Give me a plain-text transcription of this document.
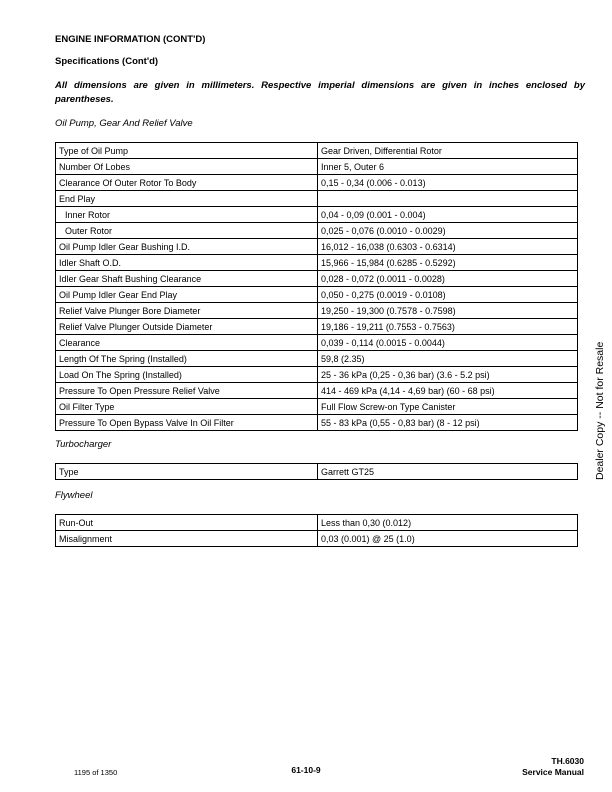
ENGINE INFORMATION (CONT'D)
Specifications (Cont'd)
All dimensions are given in millimeters. Respective imperial dimensions are given in inches enclosed by parentheses.
Oil Pump, Gear And Relief Valve
Type of Oil Pump	Gear Driven, Differential Rotor
Number Of Lobes	Inner 5, Outer 6
Clearance Of Outer Rotor To Body	0,15 - 0,34 (0.006 - 0.013)
End Play	
Inner Rotor	0,04 - 0,09 (0.001 - 0.004)
Outer Rotor	0,025 - 0,076 (0.0010 - 0.0029)
Oil Pump Idler Gear Bushing I.D.	16,012 - 16,038 (0.6303 - 0.6314)
Idler Shaft O.D.	15,966 - 15,984 (0.6285 - 0.5292)
Idler Gear Shaft Bushing Clearance	0,028 - 0,072 (0.0011 - 0.0028)
Oil Pump Idler Gear End Play	0,050 - 0,275 (0.0019 - 0.0108)
Relief Valve Plunger Bore Diameter	19,250 - 19,300 (0.7578 - 0.7598)
Relief Valve Plunger Outside Diameter	19,186 - 19,211 (0.7553 - 0.7563)
Clearance	0,039 - 0,114 (0.0015 - 0.0044)
Length Of The Spring (Installed)	59,8 (2.35)
Load On The Spring (Installed)	25 - 36 kPa (0,25 - 0,36 bar) (3.6 - 5.2 psi)
Pressure To Open Pressure Relief Valve	414 - 469 kPa (4,14 - 4,69 bar) (60 - 68 psi)
Oil Filter Type	Full Flow Screw-on Type Canister
Pressure To Open Bypass Valve In Oil Filter	55 - 83 kPa (0,55 - 0,83 bar) (8 - 12 psi)
Turbocharger
Type	Garrett GT25
Flywheel
Run-Out	Less than 0,30 (0.012)
Misalignment	0,03 (0.001) @ 25 (1.0)
Dealer Copy -- Not for Resale
1195 of 1350	61-10-9
TH.6030
Service Manual
